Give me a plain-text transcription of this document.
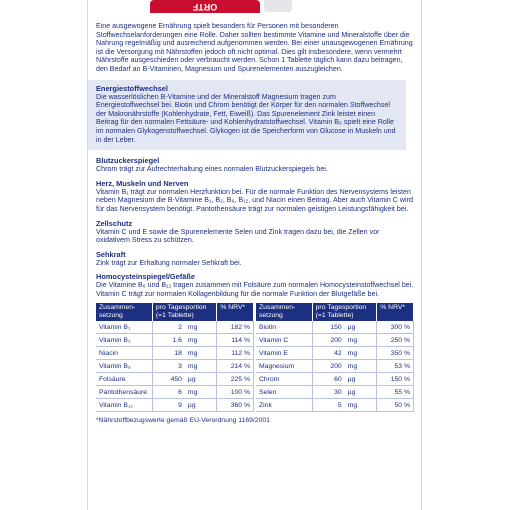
ORTF

Eine ausgewogene Ernährung spielt besonders für Personen mit besonderen Stoffwechselanforderungen eine Rolle. Daher sollten bestimmte Vitamine und Mineralstoffe über die Nahrung regelmäßig und ausreichend aufgenommen werden. Bei einer unausgewogenen Ernährung ist die Versorgung mit Nährstoffen jedoch oft nicht optimal. Dies gilt insbesondere, wenn vermehrt Nährstoffe ausgeschieden oder verbraucht werden. Schon 1 Tablette täglich kann dazu beitragen, den Bedarf an B-Vitaminen, Magnesium und Spurenelementen auszugleichen.

Energiestoffwechsel

Die wasserlöslichen B-Vitamine und der Mineralstoff Magnesium tragen zum Energiestoffwechsel bei. Biotin und Chrom benötigt der Körper für den normalen Stoffwechsel der Makronährstoffe (Kohlenhydrate, Fett, Eiweiß). Das Spurenelement Zink leistet einen Beitrag für den normalen Fettsäure- und Kohlenhydratstoffwechsel. Vitamin B₆ spielt eine Rolle im normalen Glykogenstoffwechsel. Glykogen ist die Speicherform von Glucose in Muskeln und in der Leber.

Blutzuckerspiegel

Chrom trägt zur Aufrechterhaltung eines normalen Blutzuckerspiegels bei.

Herz, Muskeln und Nerven

Vitamin B₁ trägt zur normalen Herzfunktion bei. Für die normale Funktion des Nervensystems leisten neben Magnesium die B-Vitamine B₁, B₂, B₆, B₁₂, und Niacin einen Beitrag. Aber auch Vitamin C wird für das Nervensystem benötigt. Pantothensäure trägt zur normalen geistigen Leistungsfähigkeit bei.

Zellschutz

Vitamin C und E sowie die Spurenelemente Selen und Zink tragen dazu bei, die Zellen vor oxidativem Stress zu schützen.

Sehkraft

Zink trägt zur Erhaltung normaler Sehkraft bei.

Homocysteinspiegel/Gefäße

Die Vitamine B₆ und B₁₂ tragen zusammen mit Folsäure zum normalen Homocysteinstoffwechsel bei. Vitamin C trägt zur normalen Kollagenbildung für die normale Funktion der Blutgefäße bei.

Zusammen-setzung	pro Tagesportion (=1 Tablette)	% NRV*
Vitamin B₁	2 mg	182 %
Vitamin B₂	1.6 mg	114 %
Niacin	18 mg	112 %
Vitamin B₆	3 mg	214 %
Folsäure	450 µg	225 %
Pantothensäure	6 mg	100 %
Vitamin B₁₂	9 µg	360 %
Zusammen-setzung	pro Tagesportion (=1 Tablette)	% NRV*
Biotin	150 µg	300 %
Vitamin C	200 mg	250 %
Vitamin E	42 mg	350 %
Magnesium	200 mg	53 %
Chrom	60 µg	150 %
Selen	30 µg	55 %
Zink	5 mg	50 %

*Nährstoffbezugswerte gemäß EU-Verordnung 1169/2001
